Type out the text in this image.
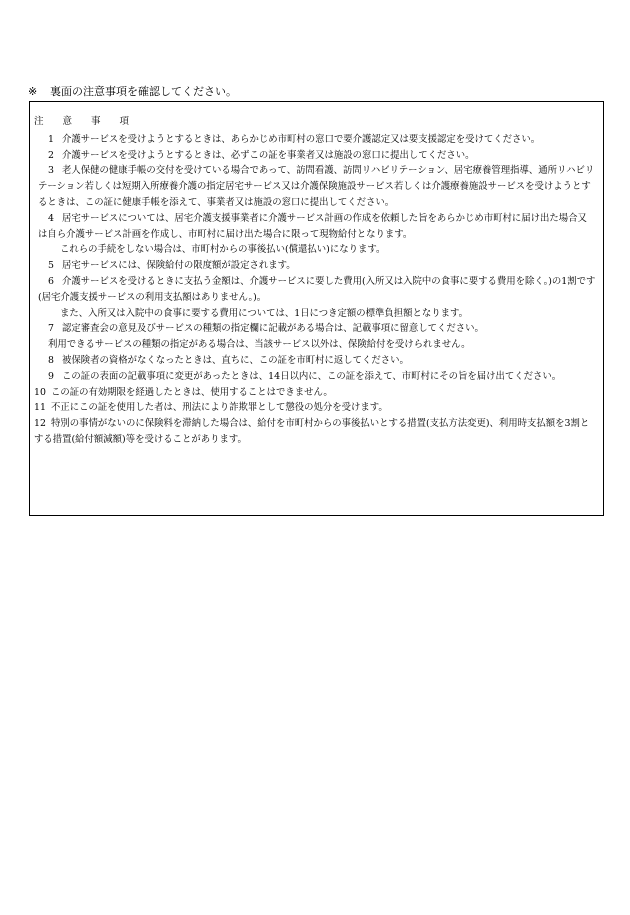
※ 裏面の注意事項を確認してください。
注 意 事 項

1 介護サービスを受けようとするときは、あらかじめ市町村の窓口で要介護認定又は要支援認定を受けてください。

2 介護サービスを受けようとするときは、必ずこの証を事業者又は施設の窓口に提出してください。

3 老人保健の健康手帳の交付を受けている場合であって、訪問看護、訪問リハビリテーション、居宅療養管理指導、通所リハビリテーション若しくは短期入所療養介護の指定居宅サービス又は介護保険施設サービス若しくは介護療養施設サービスを受けようとするときは、この証に健康手帳を添えて、事業者又は施設の窓口に提出してください。

4 居宅サービスについては、居宅介護支援事業者に介護サービス計画の作成を依頼した旨をあらかじめ市町村に届け出た場合又は自ら介護サービス計画を作成し、市町村に届け出た場合に限って現物給付となります。

これらの手続をしない場合は、市町村からの事後払い(償還払い)になります。

5 居宅サービスには、保険給付の限度額が設定されます。

6 介護サービスを受けるときに支払う金額は、介護サービスに要した費用(入所又は入院中の食事に要する費用を除く。)の1割です(居宅介護支援サービスの利用支払額はありません。)。

また、入所又は入院中の食事に要する費用については、1日につき定額の標準負担額となります。

7 認定審査会の意見及びサービスの種類の指定欄に記載がある場合は、記載事項に留意してください。

利用できるサービスの種類の指定がある場合は、当該サービス以外は、保険給付を受けられません。

8 被保険者の資格がなくなったときは、直ちに、この証を市町村に返してください。

9 この証の表面の記載事項に変更があったときは、14日以内に、この証を添えて、市町村にその旨を届け出てください。

10 この証の有効期限を経過したときは、使用することはできません。

11 不正にこの証を使用した者は、刑法により詐欺罪として懲役の処分を受けます。

12 特別の事情がないのに保険料を滞納した場合は、給付を市町村からの事後払いとする措置(支払方法変更)、利用時支払額を3割とする措置(給付額減額)等を受けることがあります。
